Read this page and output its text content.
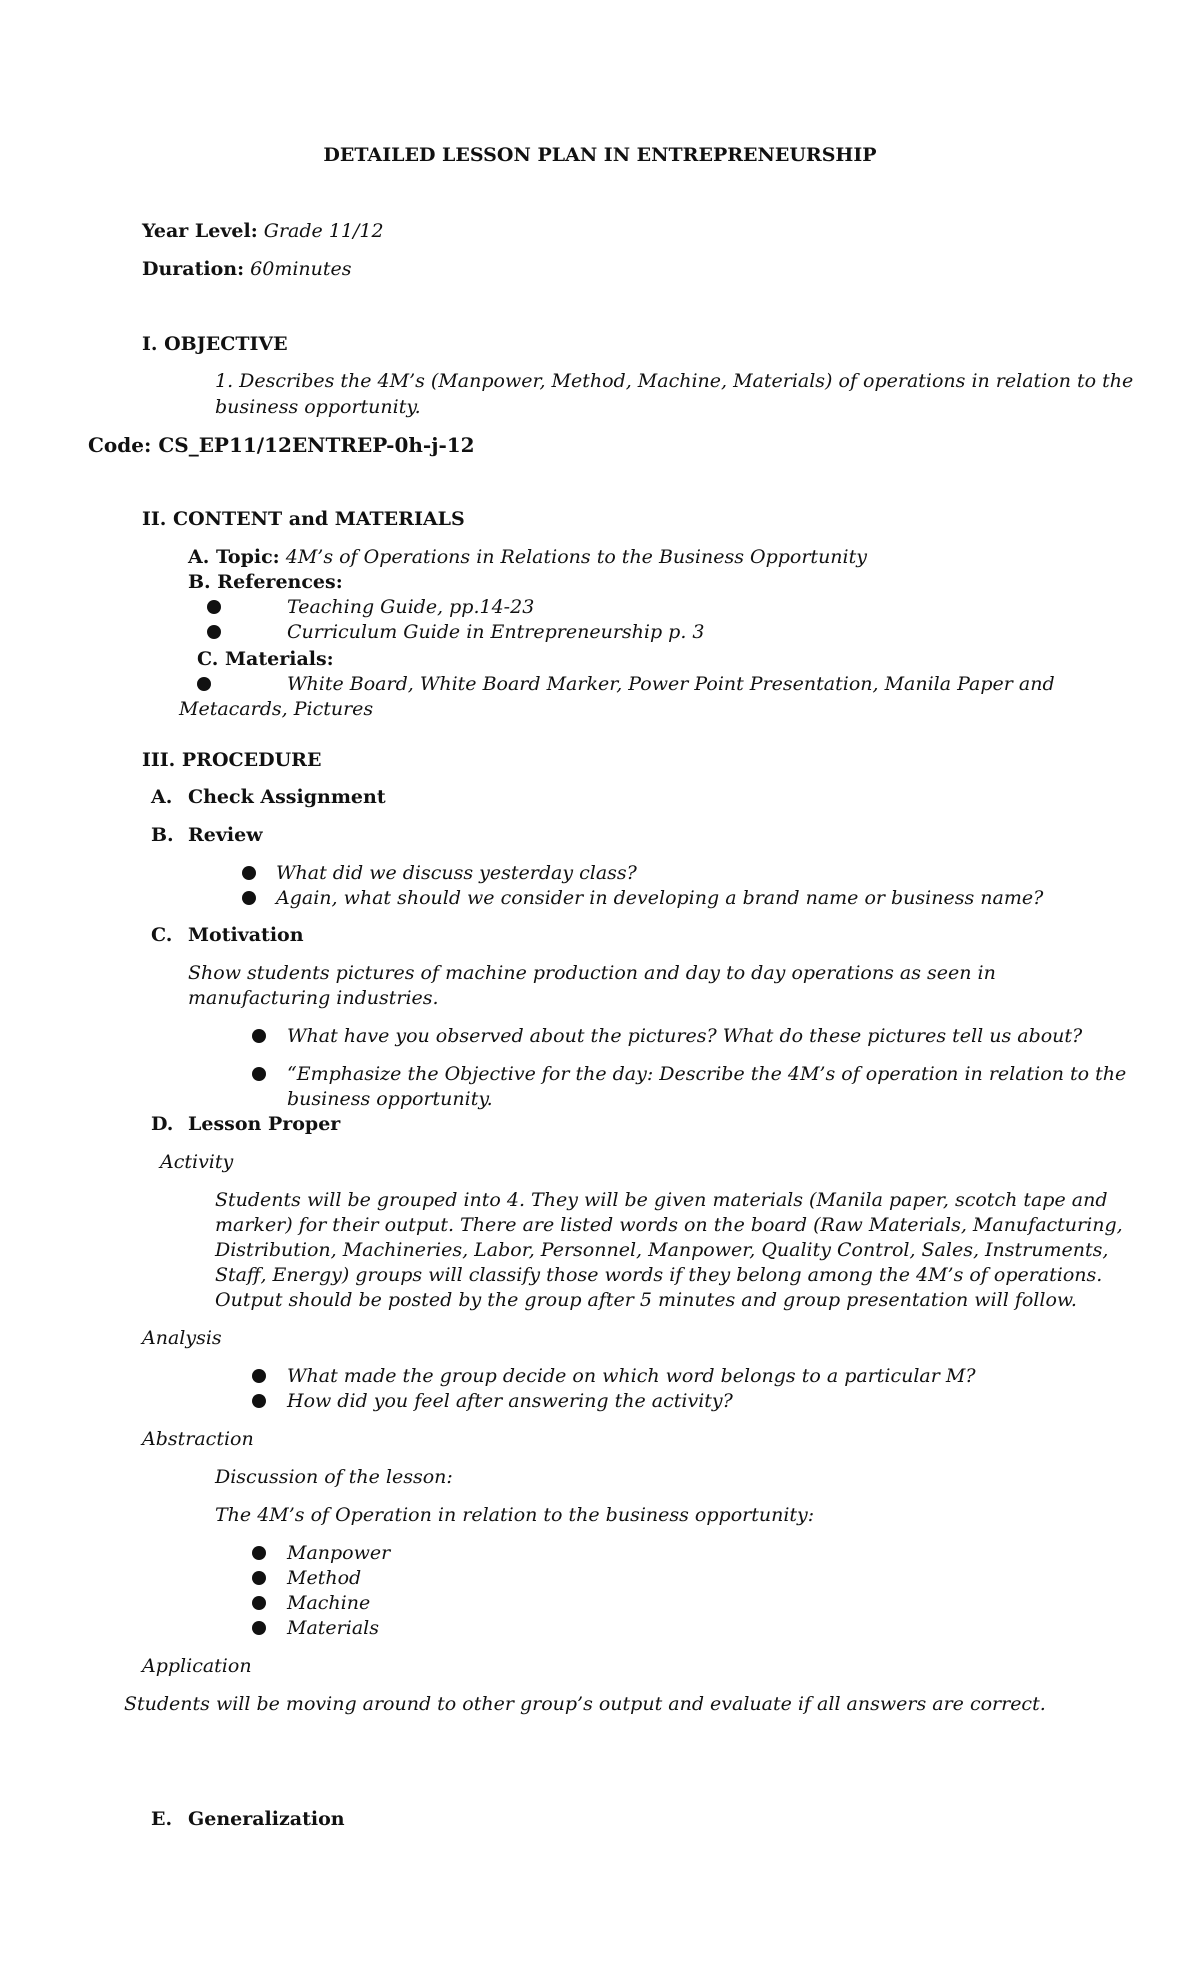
DETAILED LESSON PLAN IN ENTREPRENEURSHIP
Year Level: Grade 11/12
Duration: 60minutes
I. OBJECTIVE
1. Describes the 4M’s (Manpower, Method, Machine, Materials) of operations in relation to the
business opportunity.
Code: CS_EP11/12ENTREP-0h-j-12
II. CONTENT and MATERIALS
A. Topic: 4M’s of Operations in Relations to the Business Opportunity
B. References:
Teaching Guide, pp.14-23
Curriculum Guide in Entrepreneurship p. 3
C. Materials:
White Board, White Board Marker, Power Point Presentation, Manila Paper and
Metacards, Pictures
III. PROCEDURE
A. Check Assignment
B. Review
What did we discuss yesterday class?
Again, what should we consider in developing a brand name or business name?
C. Motivation
Show students pictures of machine production and day to day operations as seen in
manufacturing industries.
What have you observed about the pictures? What do these pictures tell us about?
“Emphasize the Objective for the day: Describe the 4M’s of operation in relation to the
business opportunity.
D. Lesson Proper
Activity
Students will be grouped into 4. They will be given materials (Manila paper, scotch tape and
marker) for their output. There are listed words on the board (Raw Materials, Manufacturing,
Distribution, Machineries, Labor, Personnel, Manpower, Quality Control, Sales, Instruments,
Staff, Energy) groups will classify those words if they belong among the 4M’s of operations.
Output should be posted by the group after 5 minutes and group presentation will follow.
Analysis
What made the group decide on which word belongs to a particular M?
How did you feel after answering the activity?
Abstraction
Discussion of the lesson:
The 4M’s of Operation in relation to the business opportunity:
Manpower
Method
Machine
Materials
Application
Students will be moving around to other group’s output and evaluate if all answers are correct.
E. Generalization
